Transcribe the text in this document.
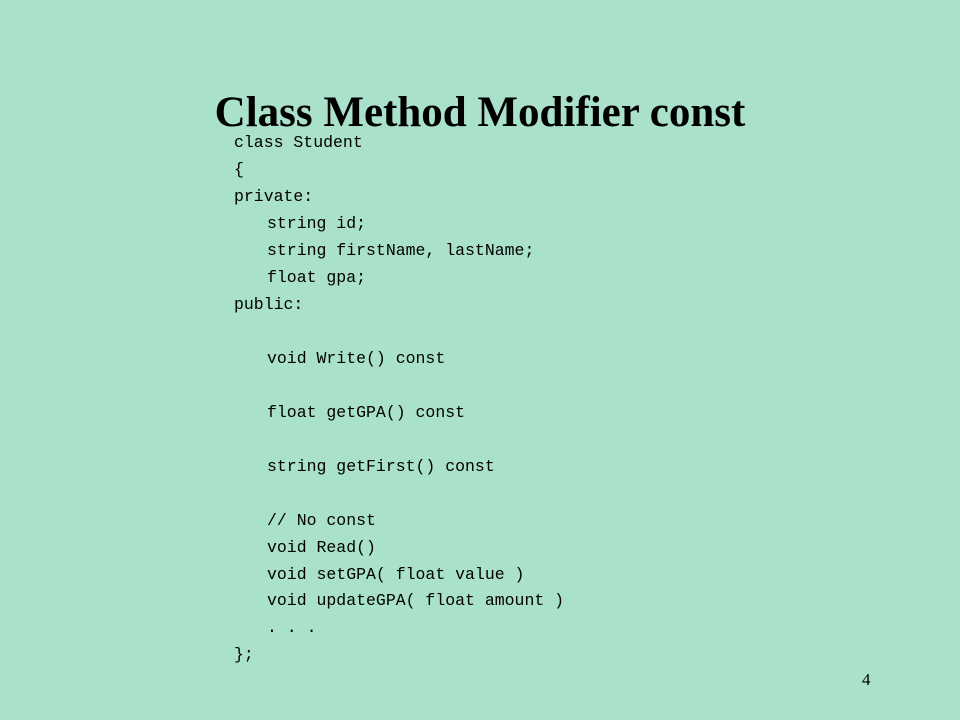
Class Method Modifier const

class Student

{

private:

string id;

string firstName, lastName;

float gpa;

public:

void Write() const

float getGPA() const

string getFirst() const

// No const

void Read()

void setGPA( float value )

void updateGPA( float amount )

. . .

};

4
